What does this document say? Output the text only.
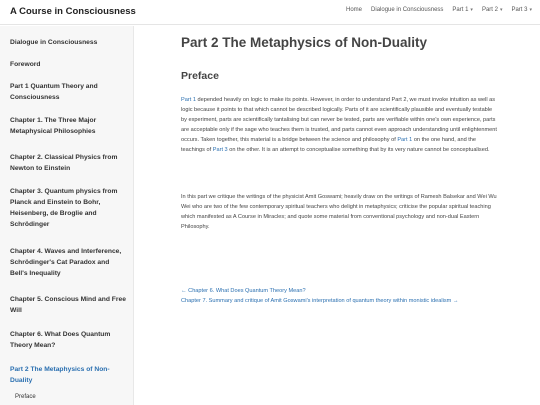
A Course in Consciousness	Home Dialogue in Consciousness Part 1 ▾ Part 2 ▾ Part 3 ▾
Dialogue in Consciousness
Foreword
Part 1 Quantum Theory and Consciousness
Chapter 1. The Three Major Metaphysical Philosophies
Chapter 2. Classical Physics from Newton to Einstein
Chapter 3. Quantum physics from Planck and Einstein to Bohr, Heisenberg, de Broglie and Schrödinger
Chapter 4. Waves and Interference, Schrödinger's Cat Paradox and Bell's Inequality
Chapter 5. Conscious Mind and Free Will
Chapter 6. What Does Quantum Theory Mean?
Part 2 The Metaphysics of Non-Duality
Preface
Part 2 The Metaphysics of Non-Duality
Preface

Part 1 depended heavily on logic to make its points. However, in order to understand Part 2, we must invoke intuition as well as logic because it points to that which cannot be described logically. Parts of it are scientifically plausible and eventually testable by experiment, parts are scientifically tantalising but can never be tested, parts are verifiable within one's own experience, parts are acceptable only if the sage who teaches them is trusted, and parts cannot even approach understanding until enlightenment occurs. Taken together, this material is a bridge between the science and philosophy of Part 1 on the one hand, and the teachings of Part 3 on the other. It is an attempt to conceptualise something that by its very nature cannot be conceptualised.

In this part we critique the writings of the physicist Amit Goswami; heavily draw on the writings of Ramesh Balsekar and Wei Wu Wei who are two of the few contemporary spiritual teachers who delight in metaphysics; criticise the popular spiritual teaching which manifested as A Course in Miracles; and quote some material from conventional psychology and non-dual Eastern Philosophy.

← Chapter 6. What Does Quantum Theory Mean?
Chapter 7. Summary and critique of Amit Goswami's interpretation of quantum theory within monistic idealism →
